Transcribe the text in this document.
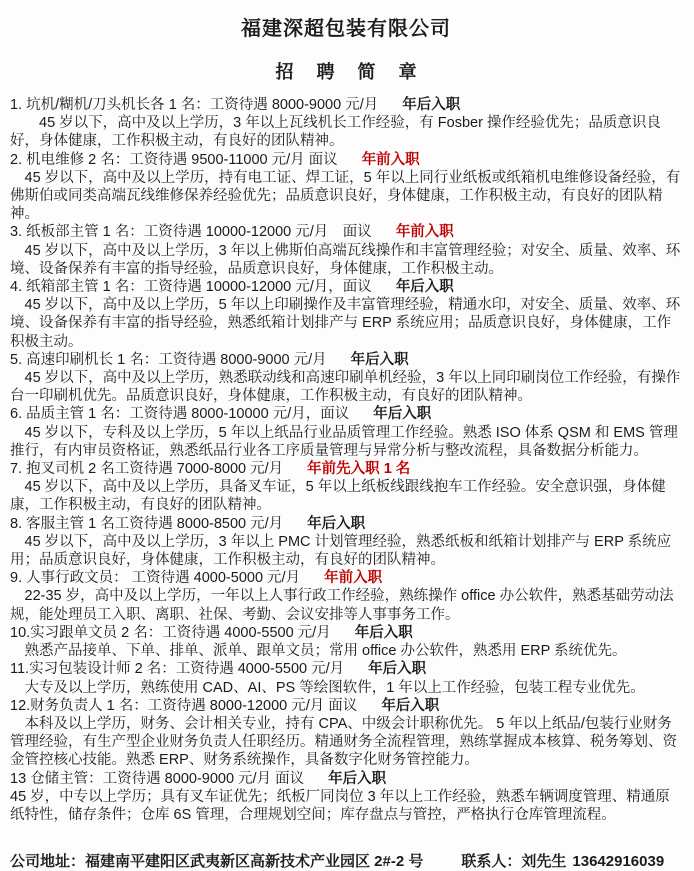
福建深超包装有限公司
招 聘 简 章
1. 坑机/糊机/刀头机长各 1 名：工资待遇 8000-9000 元/月 年后入职
　　45 岁以下，高中及以上学历，3 年以上瓦线机长工作经验，有 Fosber 操作经验优先；品质意识良好，身体健康，工作积极主动，有良好的团队精神。
2. 机电维修 2 名：工资待遇 9500-11000 元/月 面议 年前入职
　45 岁以下，高中及以上学历，持有电工证、焊工证，5 年以上同行业纸板或纸箱机电维修设备经验，有佛斯伯或同类高端瓦线维修保养经验优先；品质意识良好，身体健康，工作积极主动，有良好的团队精神。
3. 纸板部主管 1 名：工资待遇 10000-12000 元/月　面议 年前入职
　45 岁以下，高中及以上学历，3 年以上佛斯伯高端瓦线操作和丰富管理经验；对安全、质量、效率、环境、设备保养有丰富的指导经验，品质意识良好，身体健康，工作积极主动。
4. 纸箱部主管 1 名：工资待遇 10000-12000 元/月，面议 年后入职
　45 岁以下，高中及以上学历，5 年以上印刷操作及丰富管理经验，精通水印，对安全、质量、效率、环境、设备保养有丰富的指导经验，熟悉纸箱计划排产与 ERP 系统应用；品质意识良好，身体健康，工作积极主动。
5. 高速印刷机长 1 名：工资待遇 8000-9000 元/月 年后入职
　45 岁以下，高中及以上学历，熟悉联动线和高速印刷单机经验，3 年以上同印刷岗位工作经验，有操作台一印刷机优先。品质意识良好，身体健康，工作积极主动，有良好的团队精神。
6. 品质主管 1 名：工资待遇 8000-10000 元/月，面议 年后入职
　45 岁以下，专科及以上学历，5 年以上纸品行业品质管理工作经验。熟悉 ISO 体系 QSM 和 EMS 管理推行，有内审员资格证，熟悉纸品行业各工序质量管理与异常分析与整改流程，具备数据分析能力。
7. 抱叉司机 2 名工资待遇 7000-8000 元/月 年前先入职 1 名
　45 岁以下，高中及以上学历，具备叉车证，5 年以上纸板线跟线抱车工作经验。安全意识强，身体健康，工作积极主动，有良好的团队精神。
8. 客服主管 1 名工资待遇 8000-8500 元/月 年后入职
　45 岁以下，高中及以上学历，3 年以上 PMC 计划管理经验，熟悉纸板和纸箱计划排产与 ERP 系统应用；品质意识良好，身体健康，工作积极主动，有良好的团队精神。
9. 人事行政文员： 工资待遇 4000-5000 元/月 年前入职
　22-35 岁，高中及以上学历，一年以上人事行政工作经验，熟练操作 office 办公软件，熟悉基础劳动法规，能处理员工入职、离职、社保、考勤、会议安排等人事事务工作。
10.实习跟单文员 2 名：工资待遇 4000-5500 元/月 年后入职
　熟悉产品接单、下单、排单、派单、跟单文员；常用 office 办公软件，熟悉用 ERP 系统优先。
11.实习包装设计师 2 名：工资待遇 4000-5500 元/月 年后入职
　大专及以上学历，熟练使用 CAD、AI、PS 等绘图软件，1 年以上工作经验，包装工程专业优先。
12.财务负责人 1 名：工资待遇 8000-12000 元/月 面议 年后入职
　本科及以上学历，财务、会计相关专业，持有 CPA、中级会计职称优先。 5 年以上纸品/包装行业财务管理经验，有生产型企业财务负责人任职经历。精通财务全流程管理，熟练掌握成本核算、税务筹划、资金管控核心技能。熟悉 ERP、财务系统操作，具备数字化财务管控能力。
13 仓储主管：工资待遇 8000-9000 元/月 面议 年后入职
45 岁，中专以上学历；具有叉车证优先；纸板厂同岗位 3 年以上工作经验，熟悉车辆调度管理、精通原纸特性，储存条件；仓库 6S 管理，合理规划空间；库存盘点与管控，严格执行仓库管理流程。
公司地址：福建南平建阳区武夷新区高新技术产业园区 2#-2 号	联系人：刘先生 13642916039
